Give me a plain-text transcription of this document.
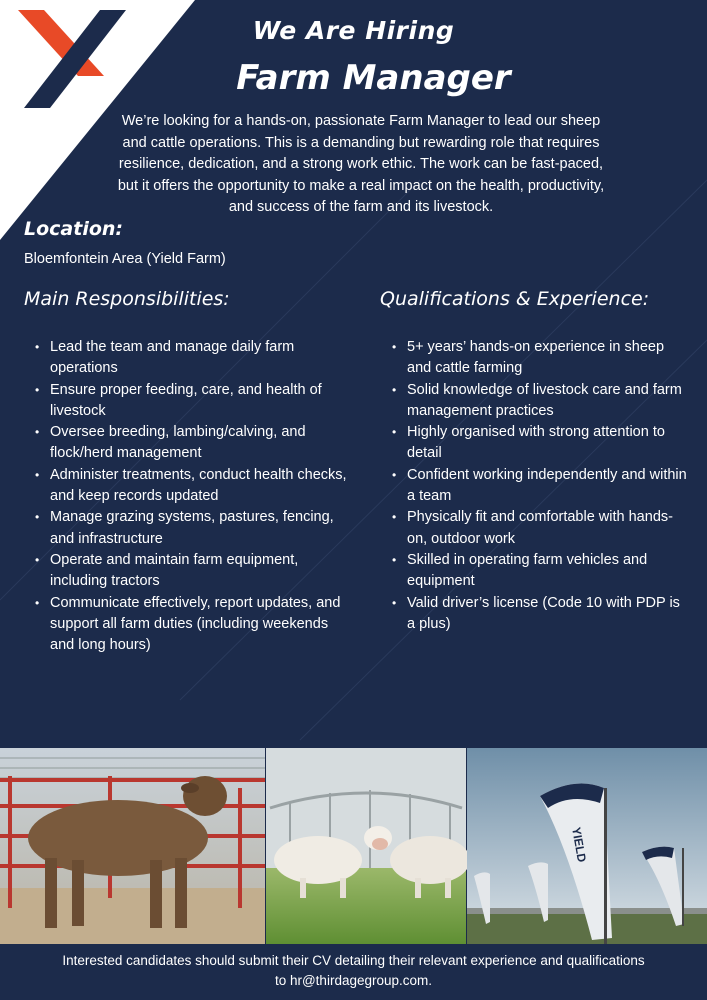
We Are Hiring
Farm Manager
We’re looking for a hands-on, passionate Farm Manager to lead our sheep and cattle operations. This is a demanding but rewarding role that requires resilience, dedication, and a strong work ethic. The work can be fast-paced, but it offers the opportunity to make a real impact on the health, productivity, and success of the farm and its livestock.
Location:
Bloemfontein Area (Yield Farm)
Main Responsibilities:
• Lead the team and manage daily farm operations
• Ensure proper feeding, care, and health of livestock
• Oversee breeding, lambing/calving, and flock/herd management
• Administer treatments, conduct health checks, and keep records updated
• Manage grazing systems, pastures, fencing, and infrastructure
• Operate and maintain farm equipment, including tractors
• Communicate effectively, report updates, and support all farm duties (including weekends and long hours)
Qualifications & Experience:
• 5+ years’ hands-on experience in sheep and cattle farming
• Solid knowledge of livestock care and farm management practices
• Highly organised with strong attention to detail
• Confident working independently and within a team
• Physically fit and comfortable with hands-on, outdoor work
• Skilled in operating farm vehicles and equipment
• Valid driver’s license (Code 10 with PDP is a plus)
YIELD
Interested candidates should submit their CV detailing their relevant experience and qualifications
to hr@thirdagegroup.com.
